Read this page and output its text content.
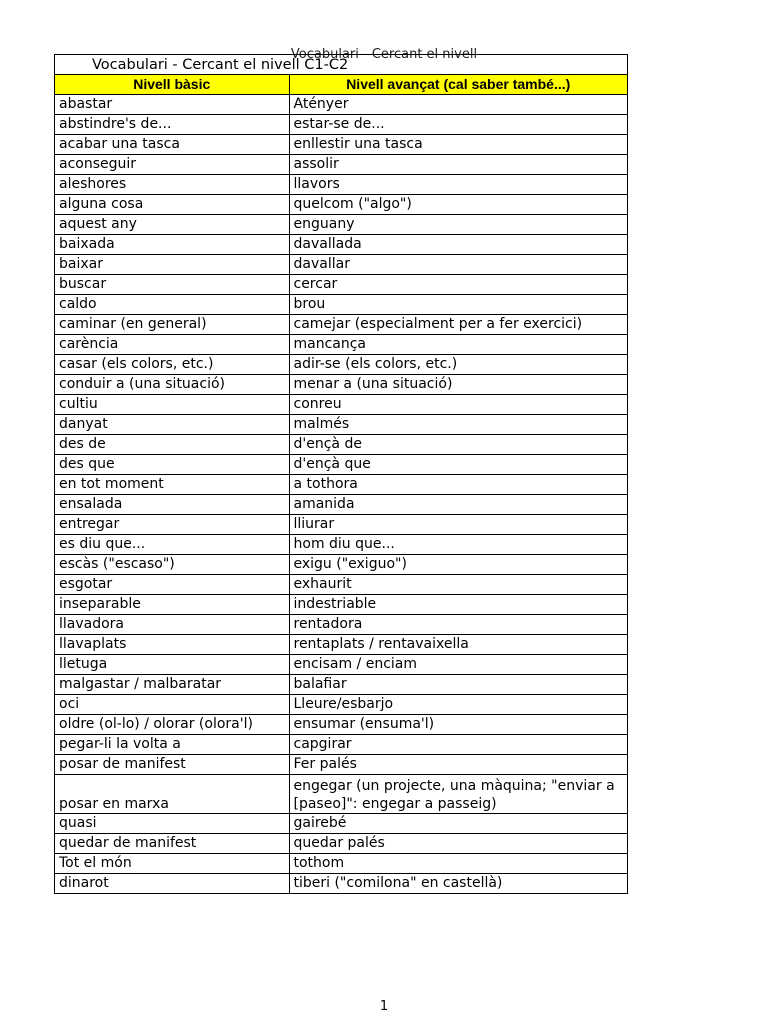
Vocabulari - Cercant el nivell
Vocabulari - Cercant el nivell C1-C2
Nivell bàsic	Nivell avançat (cal saber també...)
abastar	Atényer
abstindre's de...	estar-se de...
acabar una tasca	enllestir una tasca
aconseguir	assolir
aleshores	llavors
alguna cosa	quelcom ("algo")
aquest any	enguany
baixada	davallada
baixar	davallar
buscar	cercar
caldo	brou
caminar (en general)	camejar (especialment per a fer exercici)
carència	mancança
casar (els colors, etc.)	adir-se (els colors, etc.)
conduir a (una situació)	menar a (una situació)
cultiu	conreu
danyat	malmés
des de	d'ençà de
des que	d'ençà que
en tot moment	a tothora
ensalada	amanida
entregar	lliurar
es diu que...	hom diu que...
escàs ("escaso")	exigu ("exiguo")
esgotar	exhaurit
inseparable	indestriable
llavadora	rentadora
llavaplats	rentaplats / rentavaixella
lletuga	encisam / enciam
malgastar / malbaratar	balafiar
oci	Lleure/esbarjo
oldre (ol-lo) / olorar (olora'l)	ensumar (ensuma'l)
pegar-li la volta a	capgirar
posar de manifest	Fer palés
posar en marxa	engegar (un projecte, una màquina; "enviar a [paseo]": engegar a passeig)
quasi	gairebé
quedar de manifest	quedar palés
Tot el món	tothom
dinarot	tiberi ("comilona" en castellà)
1
